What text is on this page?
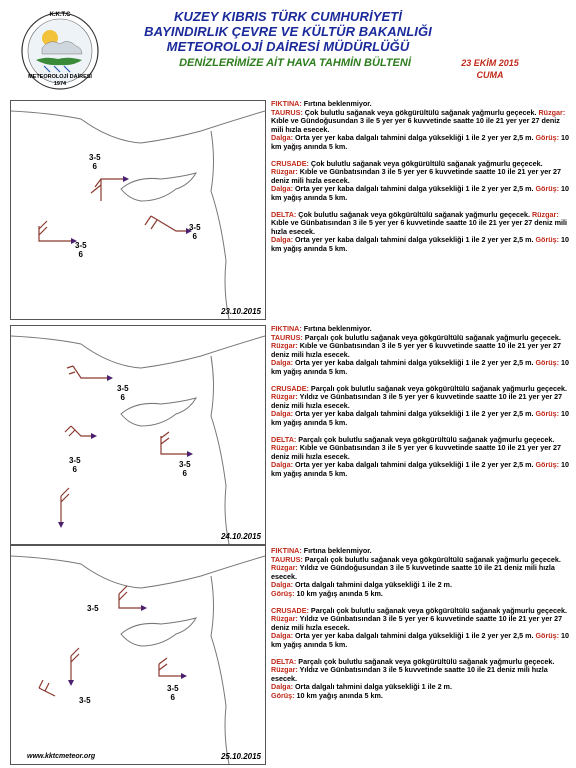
K.K.T.C
METEOROLOJİ DAİRESİ
1974
KUZEY KIBRIS TÜRK CUMHURİYETİ
BAYINDIRLIK ÇEVRE VE KÜLTÜR BAKANLIĞI
METEOROLOJİ DAİRESİ MÜDÜRLÜĞÜ
DENİZLERİMİZE AİT HAVA TAHMİN BÜLTENİ	23 EKİM 2015
CUMA
3-5
6
3-5
6
3-5
6
23.10.2015
3-5
6
3-5
6
3-5
6
24.10.2015
3-5
3-5
3-5
6
www.kktcmeteor.org	25.10.2015
FIKTINA: Fırtına beklenmiyor.
TAURUS: Çok bulutlu sağanak veya gökgürültülü sağanak yağmurlu geçecek. Rüzgar: Kıble ve Gündoğusundan 3 ile 5 yer yer 6 kuvvetinde saatte 10 ile 21 yer yer 27 deniz mili hızla esecek.
Dalga: Orta yer yer kaba dalgalı tahmini dalga yüksekliği 1 ile 2 yer yer 2,5 m. Görüş: 10 km yağış anında 5 km.
CRUSADE: Çok bulutlu sağanak veya gökgürültülü sağanak yağmurlu geçecek. Rüzgar: Kıble ve Günbatısından 3 ile 5 yer yer 6 kuvvetinde saatte 10 ile 21 yer yer 27 deniz mili hızla esecek.
Dalga: Orta yer yer kaba dalgalı tahmini dalga yüksekliği 1 ile 2 yer yer 2,5 m. Görüş: 10 km yağış anında 5 km.
DELTA: Çok bulutlu sağanak veya gökgürültülü sağanak yağmurlu geçecek. Rüzgar: Kıble ve Günbatısından 3 ile 5 yer yer 6 kuvvetinde saatte 10 ile 21 yer yer 27 deniz mili hızla esecek.
Dalga: Orta yer yer kaba dalgalı tahmini dalga yüksekliği 1 ile 2 yer yer 2,5 m. Görüş: 10 km yağış anında 5 km.
FIKTINA: Fırtına beklenmiyor.
TAURUS: Parçalı çok bulutlu sağanak veya gökgürültülü sağanak yağmurlu geçecek. Rüzgar: Kıble ve Günbatısından 3 ile 5 yer yer 6 kuvvetinde saatte 10 ile 21 yer yer 27 deniz mili hızla esecek.
Dalga: Orta yer yer kaba dalgalı tahmini dalga yüksekliği 1 ile 2 yer yer 2,5 m. Görüş: 10 km yağış anında 5 km.
CRUSADE: Parçalı çok bulutlu sağanak veya gökgürültülü sağanak yağmurlu geçecek. Rüzgar: Yıldız ve Günbatısından 3 ile 5 yer yer 6 kuvvetinde saatte 10 ile 21 yer yer 27 deniz mili hızla esecek.
Dalga: Orta yer yer kaba dalgalı tahmini dalga yüksekliği 1 ile 2 yer yer 2,5 m. Görüş: 10 km yağış anında 5 km.
DELTA: Parçalı çok bulutlu sağanak veya gökgürültülü sağanak yağmurlu geçecek. Rüzgar: Kıble ve Günbatısından 3 ile 5 yer yer 6 kuvvetinde saatte 10 ile 21 yer yer 27 deniz mili hızla esecek.
Dalga: Orta yer yer kaba dalgalı tahmini dalga yüksekliği 1 ile 2 yer yer 2,5 m. Görüş: 10 km yağış anında 5 km.
FIKTINA: Fırtına beklenmiyor.
TAURUS: Parçalı çok bulutlu sağanak veya gökgürültülü sağanak yağmurlu geçecek. Rüzgar: Yıldız ve Gündoğusundan 3 ile 5 kuvvetinde saatte 10 ile 21 deniz mili hızla esecek.
Dalga: Orta dalgalı tahmini dalga yüksekliği 1 ile 2 m.
Görüş: 10 km yağış anında 5 km.
CRUSADE: Parçalı çok bulutlu sağanak veya gökgürültülü sağanak yağmurlu geçecek. Rüzgar: Yıldız ve Günbatısından 3 ile 5 yer yer 6 kuvvetinde saatte 10 ile 21 yer yer 27 deniz mili hızla esecek.
Dalga: Orta yer yer kaba dalgalı tahmini dalga yüksekliği 1 ile 2 yer yer 2,5 m. Görüş: 10 km yağış anında 5 km.
DELTA: Parçalı çok bulutlu sağanak veya gökgürültülü sağanak yağmurlu geçecek. Rüzgar: Yıldız ve Günbatısından 3 ile 5 kuvvetinde saatte 10 ile 21 deniz mili hızla esecek.
Dalga: Orta dalgalı tahmini dalga yüksekliği 1 ile 2 m.
Görüş: 10 km yağış anında 5 km.
